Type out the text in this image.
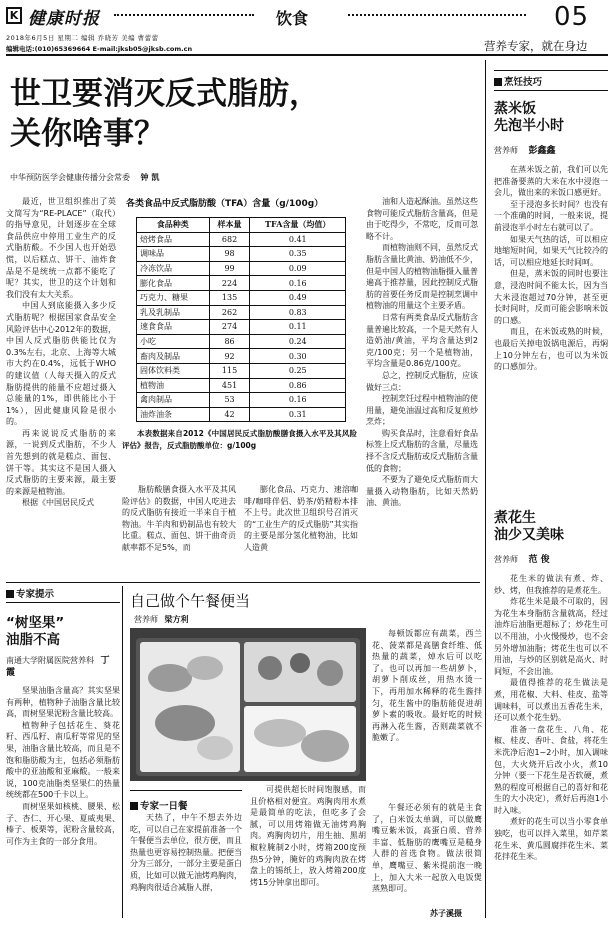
K 健康时报	饮食	05
2018年6月5日 星期二 编辑 乔晓芳 美编 曹蕾蕾
编辑电话:(010)65369664 E-mail:jksb05@jksb.com.cn	营养专家，就在身边
世卫要消灭反式脂肪，
关你啥事？
中华预防医学会健康传播分会常委 钟 凯

最近，世卫组织推出了英文简写为“RE-PLACE”（取代）的指导意见，计划逐步在全球食品供应中停用工业生产的反式脂肪酸。不少国人也开始恐慌，以后糕点、饼干、油炸食品是不是统统一点都不能吃了呢？其实，世卫的这个计划和我们没有太大关系。

中国人到底能摄入多少反式脂肪呢？根据国家食品安全风险评估中心2012年的数据，中国人反式脂肪供能比仅为0.3%左右，北京、上海等大城市大约在0.4%，远低于WHO的建议值（人每天摄入的反式脂肪提供的能量不应超过摄入总能量的1%，即供能比小于1%），因此健康风险是很小的。

再来说说反式脂肪的来源，一说到反式脂肪，不少人首先想到的就是糕点、面包、饼干等。其实这不是国人摄入反式脂肪的主要来源，最主要的来源是植物油。

根据《中国居民反式

各类食品中反式脂肪酸（TFA）含量（g/100g）
食品种类	样本量	TFA含量（均值）
焙烤食品	682	0.41
调味品	98	0.35
冷冻饮品	99	0.09
膨化食品	224	0.16
巧克力、糖果	135	0.49
乳及乳制品	262	0.83
速食食品	274	0.11
小吃	86	0.24
畜肉及制品	92	0.30
固体饮料类	115	0.25
植物油	451	0.86
禽肉制品	53	0.16
油炸油条	42	0.31
本表数据来自2012《中国居民反式脂肪酸膳食摄入水平及其风险评估》报告，反式脂肪酸单位：g/100g
脂肪酸膳食摄入水平及其风险评估》的数据，中国人吃进去的反式脂肪有接近一半来自于植物油。牛羊肉和奶制品也有较大比重。糕点、面包、饼干曲奇贡献率都不足5%，而
膨化食品、巧克力、速溶咖啡/咖啡伴侣、奶茶/奶精粉本排不上号。此次世卫组织号召消灭的“工业生产的反式脂肪”其实指的主要是部分氢化植物油，比如人造黄

油和人造起酥油。虽然这些食物可能反式脂肪含量高，但是由于吃得少，不常吃，反而可忽略不计。

而植物油则不同，虽然反式脂肪含量比黄油、奶油低不少，但是中国人的植物油脂摄入量普遍高于推荐量，因此控制反式脂肪的首要任务反而是控制烹调中植物油的用量这个主要矛盾。

日常有两类食品反式脂肪含量普遍比较高，一个是天然有人造奶油/黄油，平均含量达到2克/100克；另一个是植物油，平均含量是0.86克/100克。

总之，控制反式脂肪，应该做好三点：

控制烹饪过程中植物油的使用量，避免油温过高和反复煎炒烹炸；

购买食品时，注意看好食品标签上反式脂肪的含量，尽量选择不含反式脂肪或反式脂肪含量低的食物；

不要为了避免反式脂肪而大量摄入动物脂肪，比如天然奶油、黄油。

专家提示
“树坚果”
油脂不高
南通大学附属医院营养科 丁 霞

坚果油脂含量高？其实坚果有两种，植物种子油脂含量比较高，而树坚果泥粉含量比较高。

植物种子包括花生、葵花籽、西瓜籽、南瓜籽等常见的坚果，油脂含量比较高，而且是不饱和脂肪酸为主，包括必须脂肪酸中的亚油酸和亚麻酸。一般来说，100克油脂类坚果仁的热量统统都在500千卡以上。

而树坚果如核桃、腰果、松子、杏仁、开心果、夏威夷果、榛子、板栗等，泥粉含量较高，可作为主食的一部分食用。

自己做个午餐便当
营养师 梁方利
专家一日餐
天热了，中午不想去外边吃，可以自己在家提前准备一个午餐便当去单位，很方便，而且热量也更容易控制热量。把便当分为三部分，一部分主要是蛋白质，比如可以做无油烤鸡胸肉，鸡胸肉很适合减脂人群，
可提供超长时间饱腹感，而且价格相对便宜。鸡胸肉用水煮是最简单的吃法，但吃多了会腻，可以用烤箱做无油烤鸡胸肉。鸡胸肉切片，用生抽、黑胡椒粒腌制2小时，烤箱200度预热5分钟，腌好的鸡胸肉放在烤盘上的锡纸上，放入烤箱200度烤15分钟拿出即可。
每顿饭都应有蔬菜，西兰花、菠菜都是高膳食纤维、低热量的蔬菜，焯水后可以吃了。也可以再加一些胡萝卜，胡萝卜削成丝，用热水烫一下，再用加水稀释的花生酱拌匀，花生酱中的脂肪能促进胡萝卜素的吸收。最好吃的时候再淋入花生酱，否则蔬菜就不脆嫩了。
午餐还必须有的就是主食了，白米饭太单调，可以做鹰嘴豆紫米饭，高蛋白质、营养丰富、低脂肪的鹰嘴豆是糙身人群的首选食物。做法很简单，鹰嘴豆、紫米提前泡一晚上，加入大米一起放入电饭煲蒸熟即可。
苏子溪摄
烹饪技巧
蒸米饭
先泡半小时
营养师 彭鑫鑫

在蒸米饭之前，我们可以先把准备要蒸的大米在水中浸泡一会儿，做出来的米饭口感更好。

至于浸泡多长时间？也没有一个准确的时间，一般来说，提前浸泡半小时左右就可以了。

如果天气热的话，可以相应地缩短时间，如果天气比较冷的话，可以相应地延长时间呵。

但是，蒸米饭的同时也要注意，浸泡时间不能太长，因为当大米浸泡超过70分钟，甚至更长时间时，反而可能会影响米饭的口感。

而且，在米饭或熟的时候，也最后关掉电饭锅电源后，再焖上10分钟左右，也可以为米饭的口感加分。

煮花生
油少又美味
营养师 范 俊

花生米的做法有煮、炸、炒、烤，但我推荐的是煮花生。

炸花生米是最不可取的，因为花生本身脂肪含量就高，经过油炸后油脂更超标了；炒花生可以不用油，小火慢慢炒，也不会另外增加油脂；烤花生也可以不用油，与炒的区别就是高火、时间短，不会出油。

最值得推荐的花生做法是煮，用花椒、大料、桂皮、盐等调味料，可以煮出五香花生米，还可以煮个花生奶。

准备一盘花生、八角、花椒、桂皮、香叶、食盐，将花生米洗净后泡1~2小时，加入调味包，大火烧开后改小火，煮10分钟（要一下花生是否软硬，煮熟的程度可根据自己的喜好和花生的大小决定），煮好后再泡1小时入味。

煮好的花生可以当小零食单独吃，也可以拌入菜里，如芹菜花生米、黄瓜圆腐拌花生米、菜花拌花生米。
